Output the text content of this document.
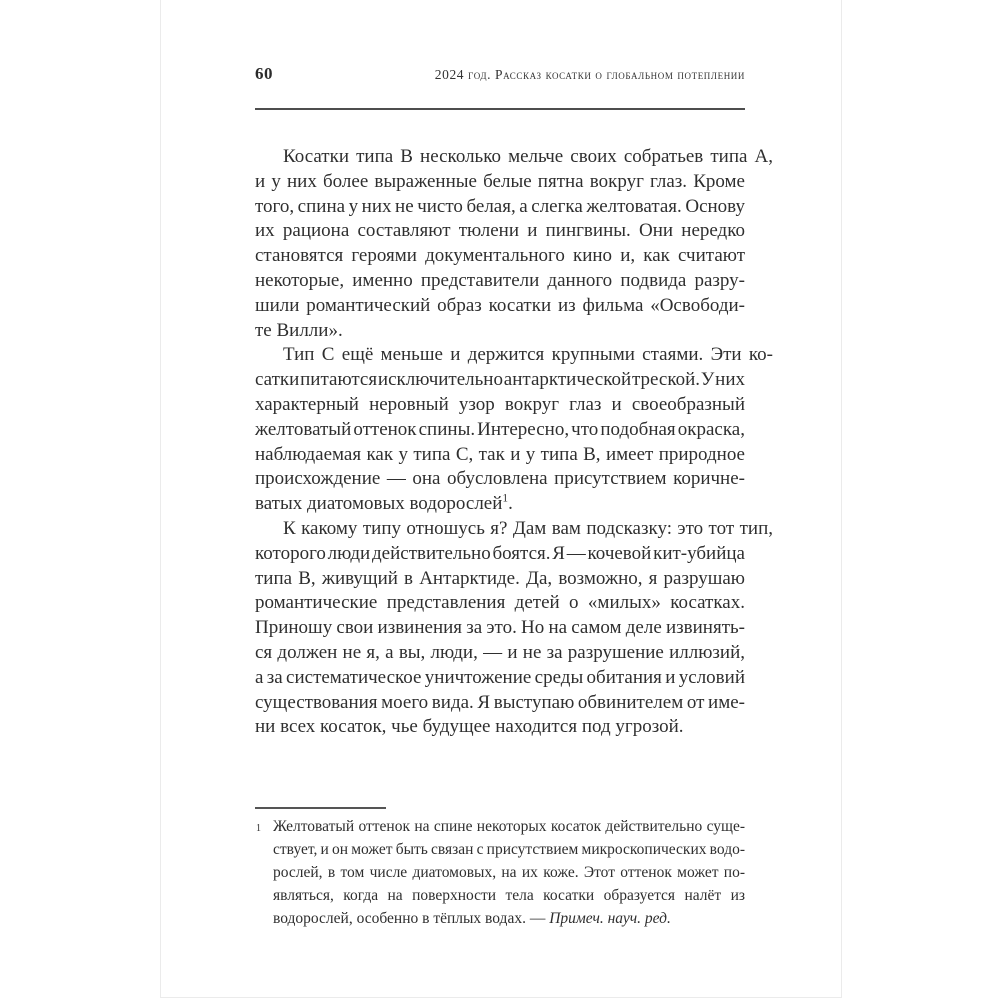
60	2024 год. Рассказ косатки о глобальном потеплении
Косатки типа B несколько мельче своих собратьев типа A,
и у них более выраженные белые пятна вокруг глаз. Кроме
того, спина у них не чисто белая, а слегка желтоватая. Основу
их рациона составляют тюлени и пингвины. Они нередко
становятся героями документального кино и, как считают
некоторые, именно представители данного подвида разру-
шили романтический образ косатки из фильма «Освободи-
те Вилли».
Тип C ещё меньше и держится крупными стаями. Эти ко-
сатки питаются исключительно антарктической треской. У них
характерный неровный узор вокруг глаз и своеобразный
желтоватый оттенок спины. Интересно, что подобная окраска,
наблюдаемая как у типа C, так и у типа B, имеет природное
происхождение — она обусловлена присутствием коричне-
ватых диатомовых водорослей$^1$.
К какому типу отношусь я? Дам вам подсказку: это тот тип,
которого люди действительно боятся. Я — кочевой кит-убийца
типа B, живущий в Антарктиде. Да, возможно, я разрушаю
романтические представления детей о «милых» косатках.
Приношу свои извинения за это. Но на самом деле извинять-
ся должен не я, а вы, люди, — и не за разрушение иллюзий,
а за систематическое уничтожение среды обитания и условий
существования моего вида. Я выступаю обвинителем от име-
ни всех косаток, чье будущее находится под угрозой.
1 Желтоватый оттенок на спине некоторых косаток действительно суще-
ствует, и он может быть связан с присутствием микроскопических водо-
рослей, в том числе диатомовых, на их коже. Этот оттенок может по-
являться, когда на поверхности тела косатки образуется налёт из
водорослей, особенно в тёплых водах. — Примеч. науч. ред.
